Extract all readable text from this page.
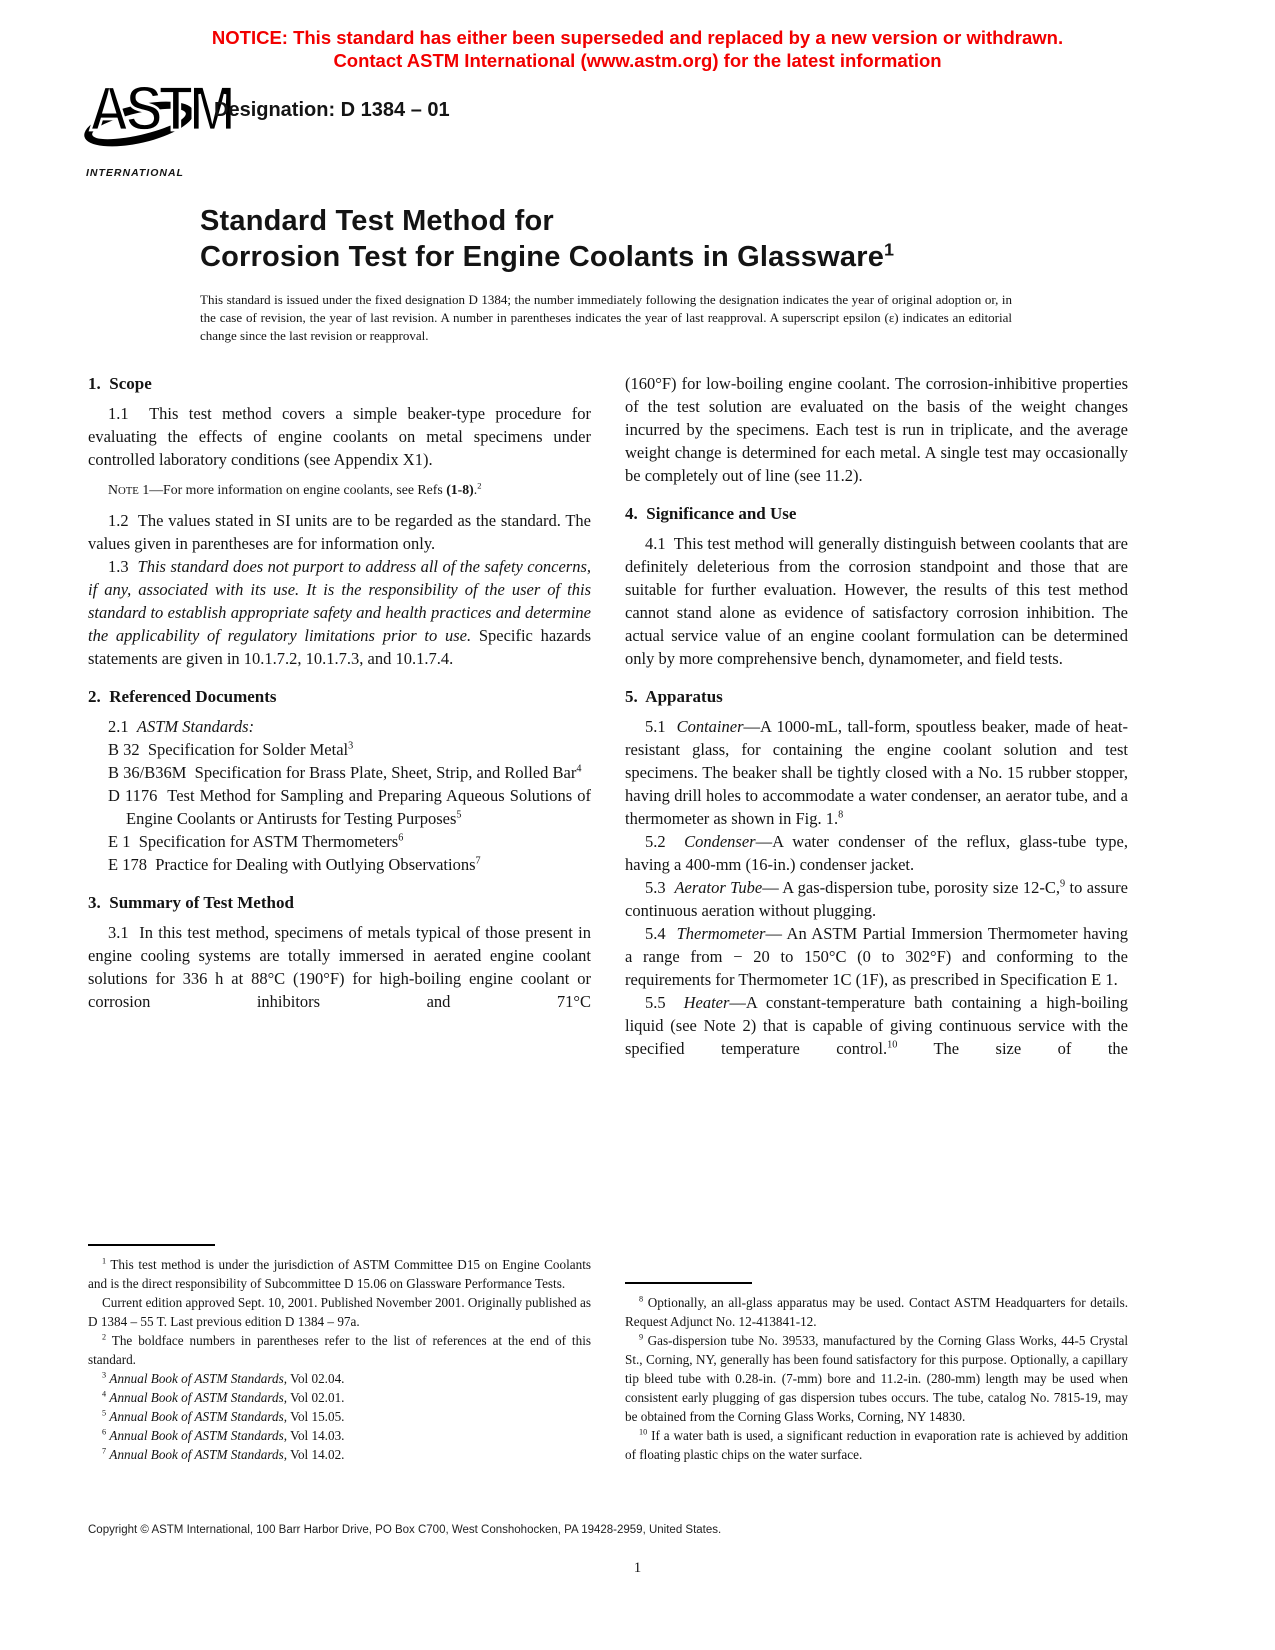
NOTICE: This standard has either been superseded and replaced by a new version or withdrawn.
Contact ASTM International (www.astm.org) for the latest information
ASTM
INTERNATIONAL
Designation: D 1384 – 01
Standard Test Method for
Corrosion Test for Engine Coolants in Glassware$^1$
This standard is issued under the fixed designation D 1384; the number immediately following the designation indicates the year of original adoption or, in the case of revision, the year of last revision. A number in parentheses indicates the year of last reapproval. A superscript epsilon (ε) indicates an editorial change since the last revision or reapproval.
1.  Scope

1.1  This test method covers a simple beaker-type procedure for evaluating the effects of engine coolants on metal specimens under controlled laboratory conditions (see Appendix X1).

NOTE 1—For more information on engine coolants, see Refs (1-8).$^2$

1.2  The values stated in SI units are to be regarded as the standard. The values given in parentheses are for information only.

1.3  This standard does not purport to address all of the safety concerns, if any, associated with its use. It is the responsibility of the user of this standard to establish appropriate safety and health practices and determine the applicability of regulatory limitations prior to use. Specific hazards statements are given in 10.1.7.2, 10.1.7.3, and 10.1.7.4.

2.  Referenced Documents

2.1  ASTM Standards:

B 32  Specification for Solder Metal$^3$

B 36/B36M  Specification for Brass Plate, Sheet, Strip, and Rolled Bar$^4$

D 1176  Test Method for Sampling and Preparing Aqueous Solutions of Engine Coolants or Antirusts for Testing Purposes$^5$

E 1  Specification for ASTM Thermometers$^6$

E 178  Practice for Dealing with Outlying Observations$^7$

3.  Summary of Test Method

3.1  In this test method, specimens of metals typical of those present in engine cooling systems are totally immersed in aerated engine coolant solutions for 336 h at 88°C (190°F) for high-boiling engine coolant or corrosion inhibitors and 71°C

$^1$ This test method is under the jurisdiction of ASTM Committee D15 on Engine Coolants and is the direct responsibility of Subcommittee D 15.06 on Glassware Performance Tests.

Current edition approved Sept. 10, 2001. Published November 2001. Originally published as D 1384 – 55 T. Last previous edition D 1384 – 97a.

$^2$ The boldface numbers in parentheses refer to the list of references at the end of this standard.

$^3$ Annual Book of ASTM Standards, Vol 02.04.

$^4$ Annual Book of ASTM Standards, Vol 02.01.

$^5$ Annual Book of ASTM Standards, Vol 15.05.

$^6$ Annual Book of ASTM Standards, Vol 14.03.

$^7$ Annual Book of ASTM Standards, Vol 14.02.

(160°F) for low-boiling engine coolant. The corrosion-inhibitive properties of the test solution are evaluated on the basis of the weight changes incurred by the specimens. Each test is run in triplicate, and the average weight change is determined for each metal. A single test may occasionally be completely out of line (see 11.2).

4.  Significance and Use

4.1  This test method will generally distinguish between coolants that are definitely deleterious from the corrosion standpoint and those that are suitable for further evaluation. However, the results of this test method cannot stand alone as evidence of satisfactory corrosion inhibition. The actual service value of an engine coolant formulation can be determined only by more comprehensive bench, dynamometer, and field tests.

5.  Apparatus

5.1  Container—A 1000-mL, tall-form, spoutless beaker, made of heat-resistant glass, for containing the engine coolant solution and test specimens. The beaker shall be tightly closed with a No. 15 rubber stopper, having drill holes to accommodate a water condenser, an aerator tube, and a thermometer as shown in Fig. 1.$^8$

5.2  Condenser—A water condenser of the reflux, glass-tube type, having a 400-mm (16-in.) condenser jacket.

5.3  Aerator Tube— A gas-dispersion tube, porosity size 12-C,$^9$ to assure continuous aeration without plugging.

5.4  Thermometer— An ASTM Partial Immersion Thermometer having a range from − 20 to 150°C (0 to 302°F) and conforming to the requirements for Thermometer 1C (1F), as prescribed in Specification E 1.

5.5  Heater—A constant-temperature bath containing a high-boiling liquid (see Note 2) that is capable of giving continuous service with the specified temperature control.$^{10}$ The size of the

$^8$ Optionally, an all-glass apparatus may be used. Contact ASTM Headquarters for details. Request Adjunct No. 12-413841-12.

$^9$ Gas-dispersion tube No. 39533, manufactured by the Corning Glass Works, 44-5 Crystal St., Corning, NY, generally has been found satisfactory for this purpose. Optionally, a capillary tip bleed tube with 0.28-in. (7-mm) bore and 11.2-in. (280-mm) length may be used when consistent early plugging of gas dispersion tubes occurs. The tube, catalog No. 7815-19, may be obtained from the Corning Glass Works, Corning, NY 14830.

$^{10}$ If a water bath is used, a significant reduction in evaporation rate is achieved by addition of floating plastic chips on the water surface.

Copyright © ASTM International, 100 Barr Harbor Drive, PO Box C700, West Conshohocken, PA 19428-2959, United States.
1
